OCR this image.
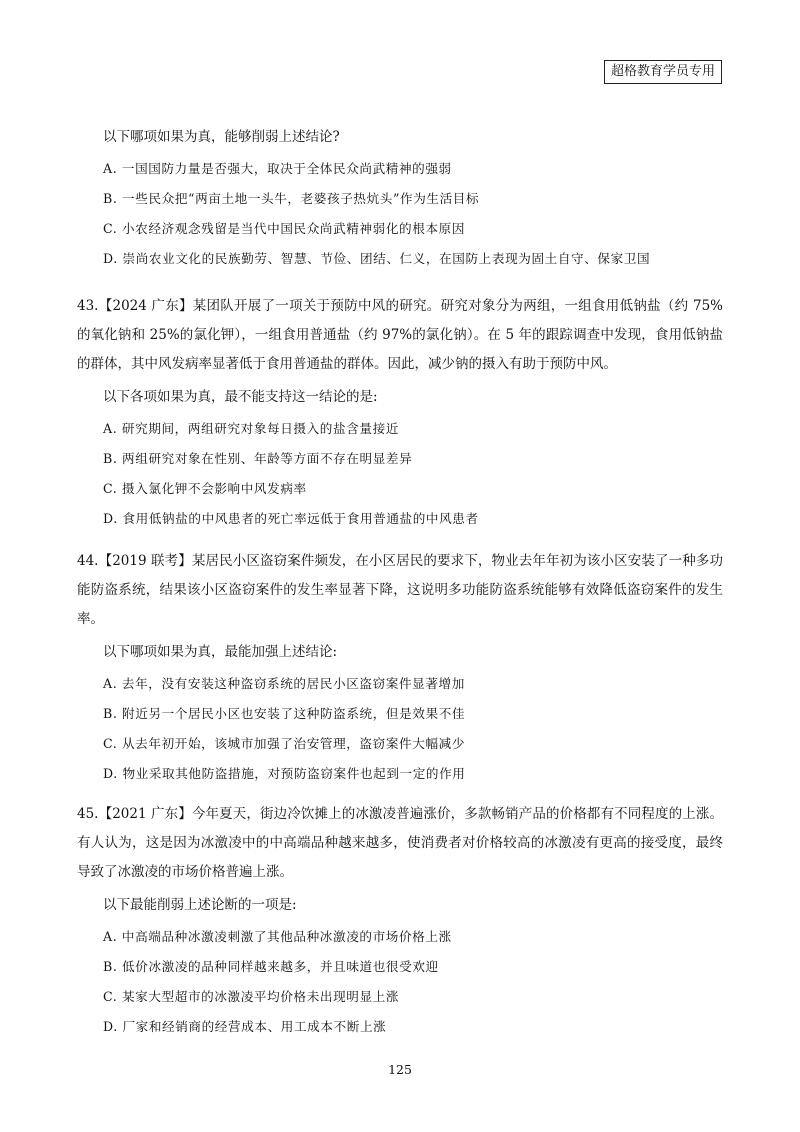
超格教育学员专用

以下哪项如果为真，能够削弱上述结论?

A. 一国国防力量是否强大，取决于全体民众尚武精神的强弱

B. 一些民众把“两亩土地一头牛，老婆孩子热炕头”作为生活目标

C. 小农经济观念残留是当代中国民众尚武精神弱化的根本原因

D. 崇尚农业文化的民族勤劳、智慧、节俭、团结、仁义，在国防上表现为固土自守、保家卫国

43.【2024 广东】某团队开展了一项关于预防中风的研究。研究对象分为两组，一组食用低钠盐（约 75%的氧化钠和 25%的氯化钾），一组食用普通盐（约 97%的氯化钠）。在 5 年的跟踪调查中发现，食用低钠盐的群体，其中风发病率显著低于食用普通盐的群体。因此，减少钠的摄入有助于预防中风。

以下各项如果为真，最不能支持这一结论的是:

A. 研究期间，两组研究对象每日摄入的盐含量接近

B. 两组研究对象在性别、年龄等方面不存在明显差异

C. 摄入氯化钾不会影响中风发病率

D. 食用低钠盐的中风患者的死亡率远低于食用普通盐的中风患者

44.【2019 联考】某居民小区盗窃案件频发，在小区居民的要求下，物业去年年初为该小区安装了一种多功能防盗系统，结果该小区盗窃案件的发生率显著下降，这说明多功能防盗系统能够有效降低盗窃案件的发生率。

以下哪项如果为真，最能加强上述结论:

A. 去年，没有安装这种盗窃系统的居民小区盗窃案件显著增加

B. 附近另一个居民小区也安装了这种防盗系统，但是效果不佳

C. 从去年初开始，该城市加强了治安管理，盗窃案件大幅减少

D. 物业采取其他防盗措施，对预防盗窃案件也起到一定的作用

45.【2021 广东】今年夏天，街边冷饮摊上的冰激凌普遍涨价，多款畅销产品的价格都有不同程度的上涨。有人认为，这是因为冰激凌中的中高端品种越来越多，使消费者对价格较高的冰激凌有更高的接受度，最终导致了冰激凌的市场价格普遍上涨。

以下最能削弱上述论断的一项是:

A. 中高端品种冰激凌刺激了其他品种冰激凌的市场价格上涨

B. 低价冰激凌的品种同样越来越多，并且味道也很受欢迎

C. 某家大型超市的冰激凌平均价格未出现明显上涨

D. 厂家和经销商的经营成本、用工成本不断上涨

125
